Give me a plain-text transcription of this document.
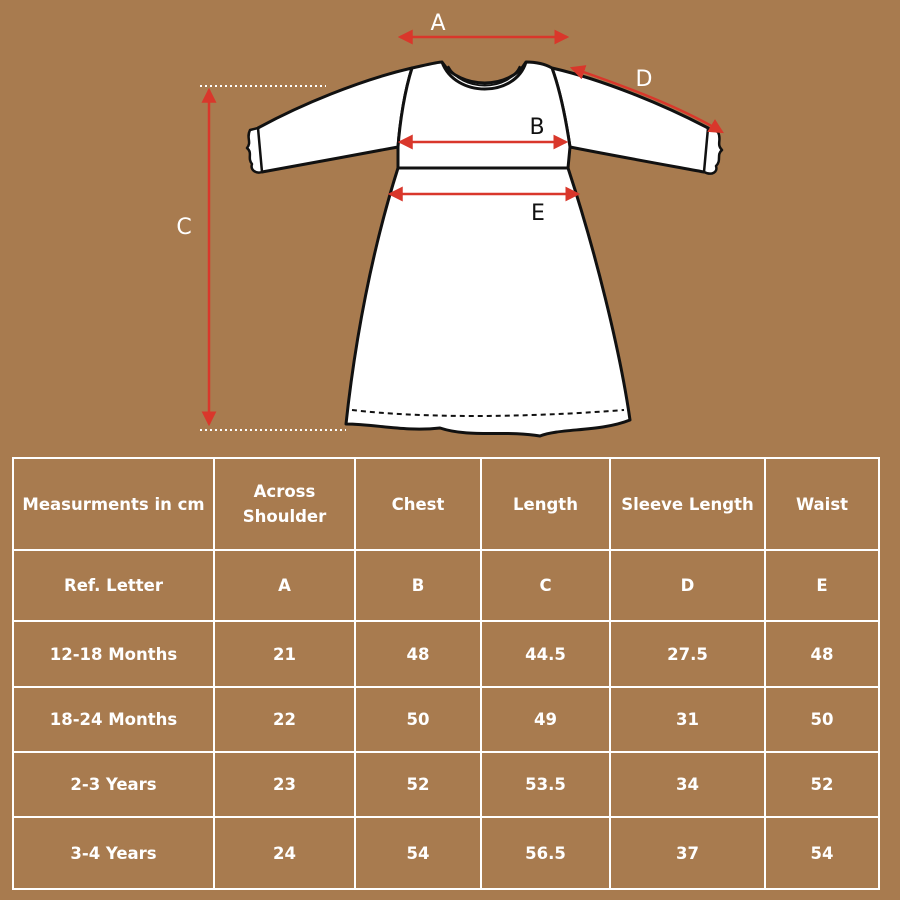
A
D
B
E
C
Measurments in cm	Across Shoulder	Chest	Length	Sleeve Length	Waist
Ref. Letter	A	B	C	D	E
12-18 Months	21	48	44.5	27.5	48
18-24 Months	22	50	49	31	50
2-3 Years	23	52	53.5	34	52
3-4 Years	24	54	56.5	37	54
